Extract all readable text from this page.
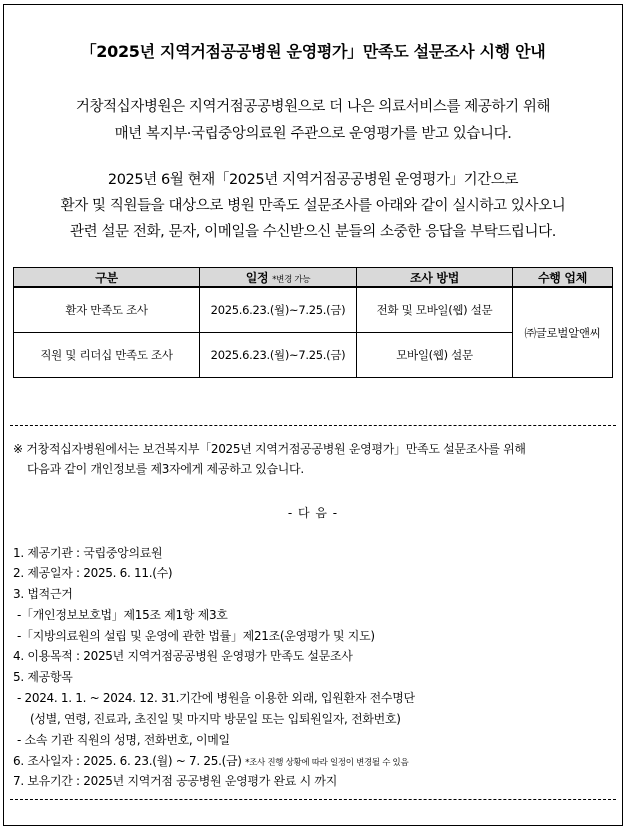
「2025년 지역거점공공병원 운영평가」만족도 설문조사 시행 안내
거창적십자병원은 지역거점공공병원으로 더 나은 의료서비스를 제공하기 위해
매년 복지부·국립중앙의료원 주관으로 운영평가를 받고 있습니다.
2025년 6월 현재「2025년 지역거점공공병원 운영평가」기간으로
환자 및 직원들을 대상으로 병원 만족도 설문조사를 아래와 같이 실시하고 있사오니
관련 설문 전화, 문자, 이메일을 수신받으신 분들의 소중한 응답을 부탁드립니다.
구분	일정 *변경 가능	조사 방법	수행 업체
환자 만족도 조사	2025.6.23.(월)~7.25.(금)	전화 및 모바일(웹) 설문	㈜글로벌알앤씨
직원 및 리더십 만족도 조사	2025.6.23.(월)~7.25.(금)	모바일(웹) 설문	
※ 거창적십자병원에서는 보건복지부「2025년 지역거점공공병원 운영평가」만족도 설문조사를 위해
다음과 같이 개인정보를 제3자에게 제공하고 있습니다.
- 다 음 -
1. 제공기관 : 국립중앙의료원
2. 제공일자 : 2025. 6. 11.(수)
3. 법적근거
-「개인정보보호법」제15조 제1항 제3호
-「지방의료원의 설립 및 운영에 관한 법률」제21조(운영평가 및 지도)
4. 이용목적 : 2025년 지역거점공공병원 운영평가 만족도 설문조사
5. 제공항목
- 2024. 1. 1. ~ 2024. 12. 31.기간에 병원을 이용한 외래, 입원환자 전수명단
(성별, 연령, 진료과, 초진일 및 마지막 방문일 또는 입퇴원일자, 전화번호)
- 소속 기관 직원의 성명, 전화번호, 이메일
6. 조사일자 : 2025. 6. 23.(월) ~ 7. 25.(금) *조사 진행 상황에 따라 일정이 변경될 수 있음
7. 보유기간 : 2025년 지역거점 공공병원 운영평가 완료 시 까지
